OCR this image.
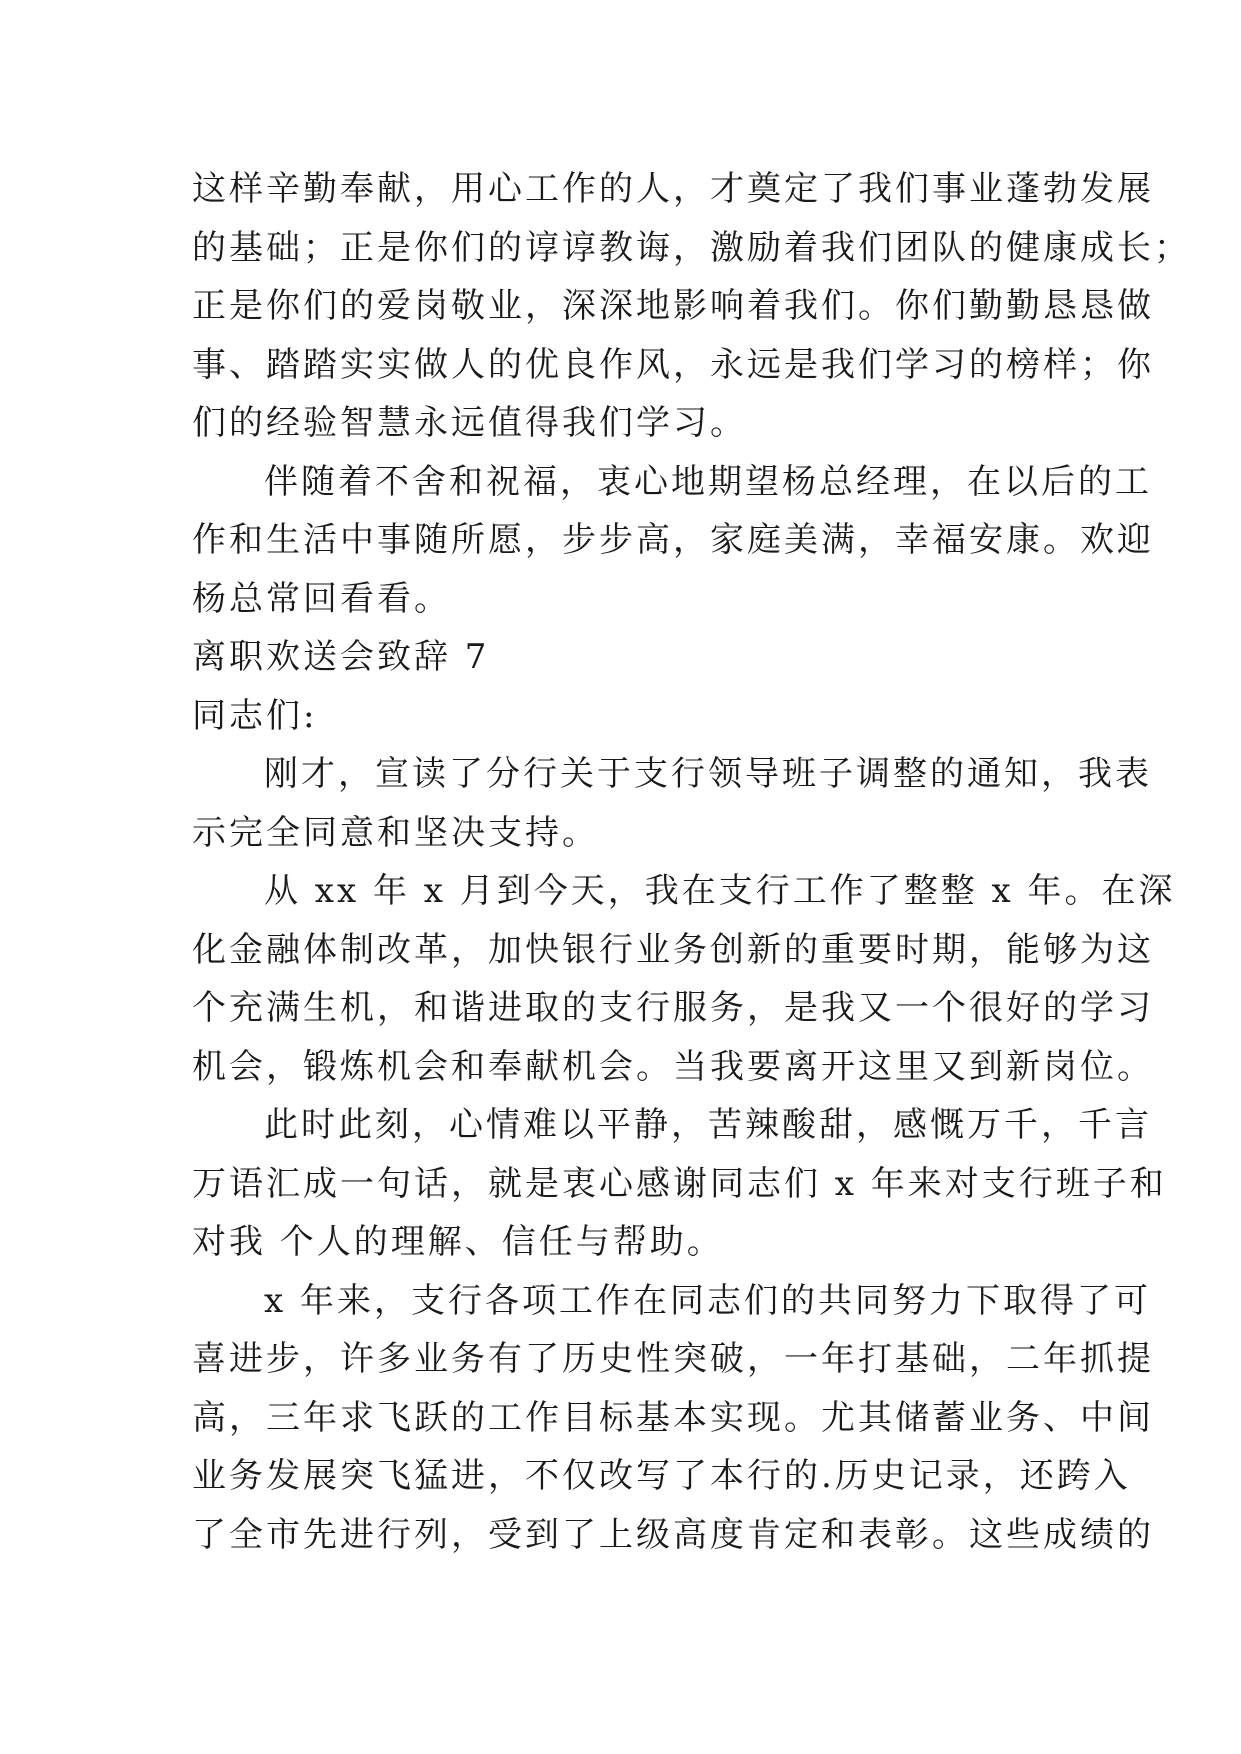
这样辛勤奉献，用心工作的人，才奠定了我们事业蓬勃发展
的基础；正是你们的谆谆教诲，激励着我们团队的健康成长；
正是你们的爱岗敬业，深深地影响着我们。你们勤勤恳恳做
事、踏踏实实做人的优良作风，永远是我们学习的榜样；你
们的经验智慧永远值得我们学习。
伴随着不舍和祝福，衷心地期望杨总经理，在以后的工
作和生活中事随所愿，步步高，家庭美满，幸福安康。欢迎
杨总常回看看。
离职欢送会致辞 7
同志们:
刚才，宣读了分行关于支行领导班子调整的通知，我表
示完全同意和坚决支持。
从 xx 年 x 月到今天，我在支行工作了整整 x 年。在深
化金融体制改革，加快银行业务创新的重要时期，能够为这
个充满生机，和谐进取的支行服务，是我又一个很好的学习
机会，锻炼机会和奉献机会。当我要离开这里又到新岗位。
此时此刻，心情难以平静，苦辣酸甜，感慨万千，千言
万语汇成一句话，就是衷心感谢同志们 x 年来对支行班子和
对我 个人的理解、信任与帮助。
x 年来，支行各项工作在同志们的共同努力下取得了可
喜进步，许多业务有了历史性突破，一年打基础，二年抓提
高，三年求飞跃的工作目标基本实现。尤其储蓄业务、中间
业务发展突飞猛进，不仅改写了本行的.历史记录，还跨入
了全市先进行列，受到了上级高度肯定和表彰。这些成绩的
